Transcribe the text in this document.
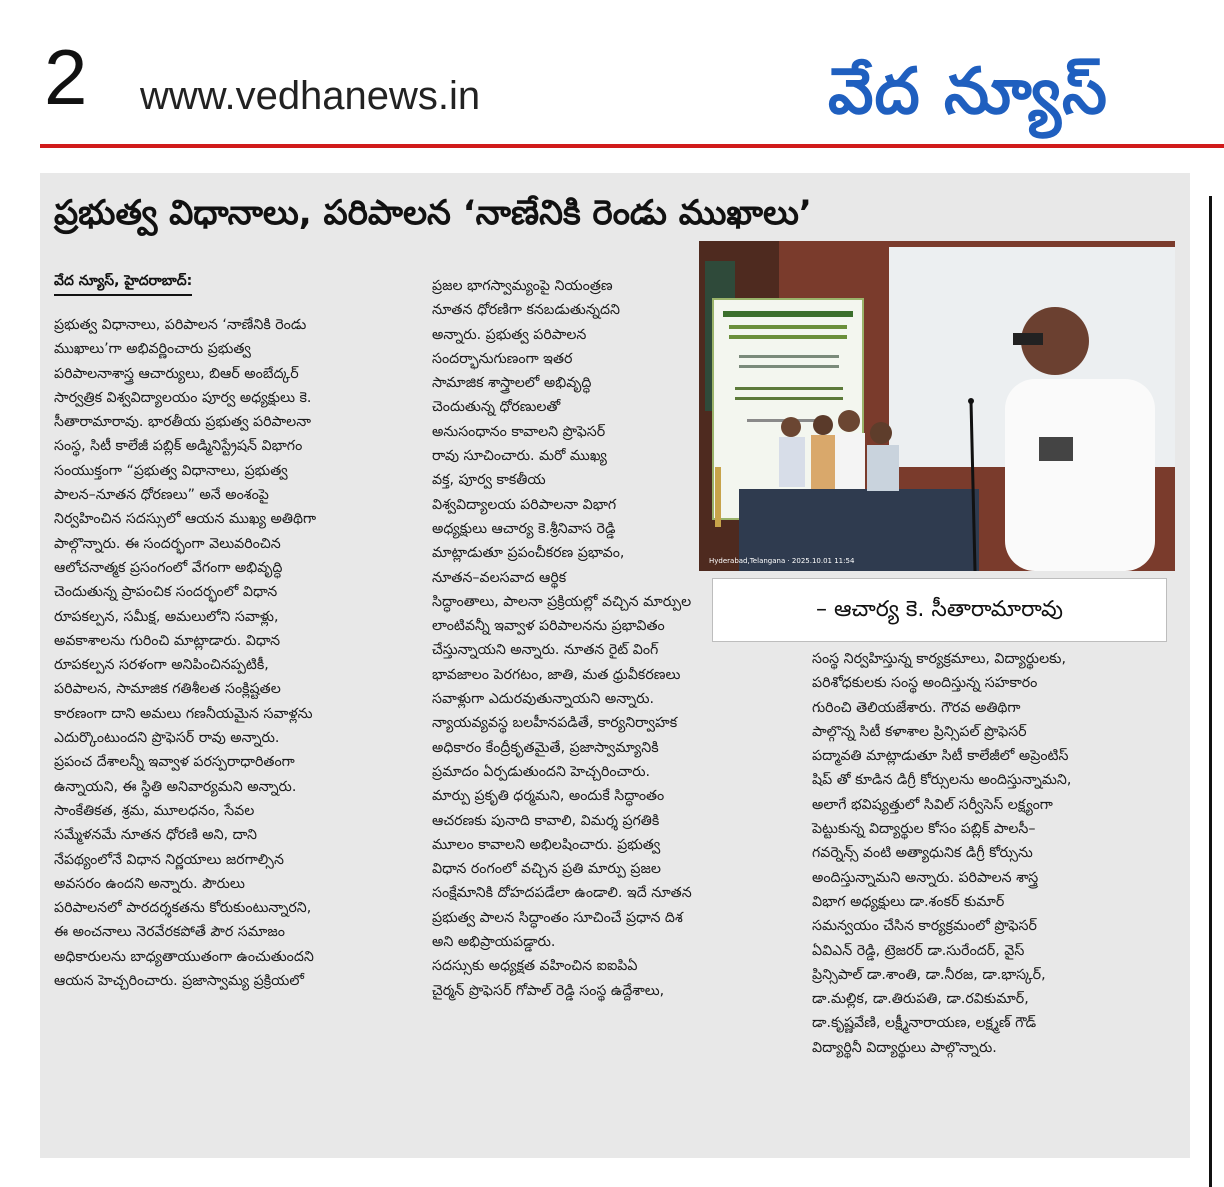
2 www.vedhanews.in	వేద న్యూస్
ప్రభుత్వ విధానాలు, పరిపాలన ‘నాణేనికి రెండు ముఖాలు’
వేద న్యూస్, హైదరాబాద్:

ప్రభుత్వ విధానాలు, పరిపాలన ‘నాణేనికి రెండు
ముఖాలు’గా అభివర్ణించారు ప్రభుత్వ
పరిపాలనాశాస్త్ర ఆచార్యులు, బిఆర్ అంబేద్కర్
సార్వత్రిక విశ్వవిద్యాలయం పూర్వ అధ్యక్షులు కె.
సీతారామారావు. భారతీయ ప్రభుత్వ పరిపాలనా
సంస్థ, సిటీ కాలేజీ పబ్లిక్ అడ్మినిస్ట్రేషన్ విభాగం
సంయుక్తంగా “ప్రభుత్వ విధానాలు, ప్రభుత్వ
పాలన–నూతన ధోరణలు” అనే అంశంపై
నిర్వహించిన సదస్సులో ఆయన ముఖ్య అతిథిగా
పాల్గొన్నారు. ఈ సందర్భంగా వెలువరించిన
ఆలోచనాత్మక ప్రసంగంలో వేగంగా అభివృద్ధి
చెందుతున్న ప్రాపంచిక సందర్భంలో విధాన
రూపకల్పన, సమీక్ష, అమలులోని సవాళ్లు,
అవకాశాలను గురించి మాట్లాడారు. విధాన
రూపకల్పన సరళంగా అనిపించినప్పటికీ,
పరిపాలన, సామాజిక గతిశీలత సంక్లిష్టతల
కారణంగా దాని అమలు గణనీయమైన సవాళ్లను
ఎదుర్కొంటుందని ప్రొఫెసర్ రావు అన్నారు.
ప్రపంచ దేశాలన్నీ ఇవ్వాళ పరస్పరాధారితంగా
ఉన్నాయని, ఈ స్థితి అనివార్యమని అన్నారు.
సాంకేతికత, శ్రమ, మూలధనం, సేవల
సమ్మేళనమే నూతన ధోరణి అని, దాని
నేపథ్యంలోనే విధాన నిర్ణయాలు జరగాల్సిన
అవసరం ఉందని అన్నారు. పౌరులు
పరిపాలనలో పారదర్శకతను కోరుకుంటున్నారని,
ఈ అంచనాలు నెరవేరకపోతే పౌర సమాజం
అధికారులను బాధ్యతాయుతంగా ఉంచుతుందని
ఆయన హెచ్చరించారు. ప్రజాస్వామ్య ప్రక్రియలో

ప్రజల భాగస్వామ్యంపై నియంత్రణ
నూతన ధోరణిగా కనబడుతున్నదని
అన్నారు. ప్రభుత్వ పరిపాలన
సందర్భానుగుణంగా ఇతర
సామాజిక శాస్త్రాలలో అభివృద్ధి
చెందుతున్న ధోరణులతో
అనుసంధానం కావాలని ప్రొఫెసర్
రావు సూచించారు. మరో ముఖ్య
వక్త, పూర్వ కాకతీయ
విశ్వవిద్యాలయ పరిపాలనా విభాగ
అధ్యక్షులు ఆచార్య కె.శ్రీనివాస రెడ్డి
మాట్లాడుతూ ప్రపంచీకరణ ప్రభావం,
నూతన–వలసవాద ఆర్థిక
సిద్ధాంతాలు, పాలనా ప్రక్రియల్లో వచ్చిన మార్పుల
లాంటివన్నీ ఇవ్వాళ పరిపాలనను ప్రభావితం
చేస్తున్నాయని అన్నారు. నూతన రైట్ వింగ్
భావజాలం పెరగటం, జాతి, మత ధ్రువీకరణలు
సవాళ్లుగా ఎదురవుతున్నాయని అన్నారు.
న్యాయవ్యవస్థ బలహీనపడితే, కార్యనిర్వాహక
అధికారం కేంద్రీకృతమైతే, ప్రజాస్వామ్యానికి
ప్రమాదం ఏర్పడుతుందని హెచ్చరించారు.
మార్పు ప్రకృతి ధర్మమని, అందుకే సిద్ధాంతం
ఆచరణకు పునాది కావాలి, విమర్శ ప్రగతికి
మూలం కావాలని అభిలషించారు. ప్రభుత్వ
విధాన రంగంలో వచ్చిన ప్రతి మార్పు ప్రజల
సంక్షేమానికి దోహదపడేలా ఉండాలి. ఇదే నూతన
ప్రభుత్వ పాలన సిద్ధాంతం సూచించే ప్రధాన దిశ
అని అభిప్రాయపడ్డారు.
సదస్సుకు అధ్యక్షత వహించిన ఐఐపిఏ
చైర్మన్ ప్రొఫెసర్ గోపాల్ రెడ్డి సంస్థ ఉద్దేశాలు,

Hyderabad,Telangana · 2025.10.01 11:54
– ఆచార్య కె. సీతారామారావు

సంస్థ నిర్వహిస్తున్న కార్యక్రమాలు, విద్యార్థులకు,
పరిశోధకులకు సంస్థ అందిస్తున్న సహకారం
గురించి తెలియజేశారు. గౌరవ అతిథిగా
పాల్గొన్న సిటీ కళాశాల ప్రిన్సిపల్ ప్రొఫెసర్
పద్మావతి మాట్లాడుతూ సిటీ కాలేజీలో అప్రెంటిస్
షిప్ తో కూడిన డిగ్రీ కోర్సులను అందిస్తున్నామని,
అలాగే భవిష్యత్తులో సివిల్ సర్వీసెస్ లక్ష్యంగా
పెట్టుకున్న విద్యార్థుల కోసం పబ్లిక్ పాలసీ–
గవర్నెన్స్ వంటి అత్యాధునిక డిగ్రీ కోర్సును
అందిస్తున్నామని అన్నారు. పరిపాలన శాస్త్ర
విభాగ అధ్యక్షులు డా.శంకర్ కుమార్
సమన్వయం చేసిన కార్యక్రమంలో ప్రొఫెసర్
ఏవిఎన్ రెడ్డి, ట్రెజరర్ డా.సురేందర్, వైస్
ప్రిన్సిపాల్ డా.శాంతి, డా.నీరజ, డా.భాస్కర్,
డా.మల్లిక, డా.తిరుపతి, డా.రవికుమార్,
డా.కృష్ణవేణి, లక్ష్మీనారాయణ, లక్ష్మణ్ గౌడ్
విద్యార్థినీ విద్యార్థులు పాల్గొన్నారు.
